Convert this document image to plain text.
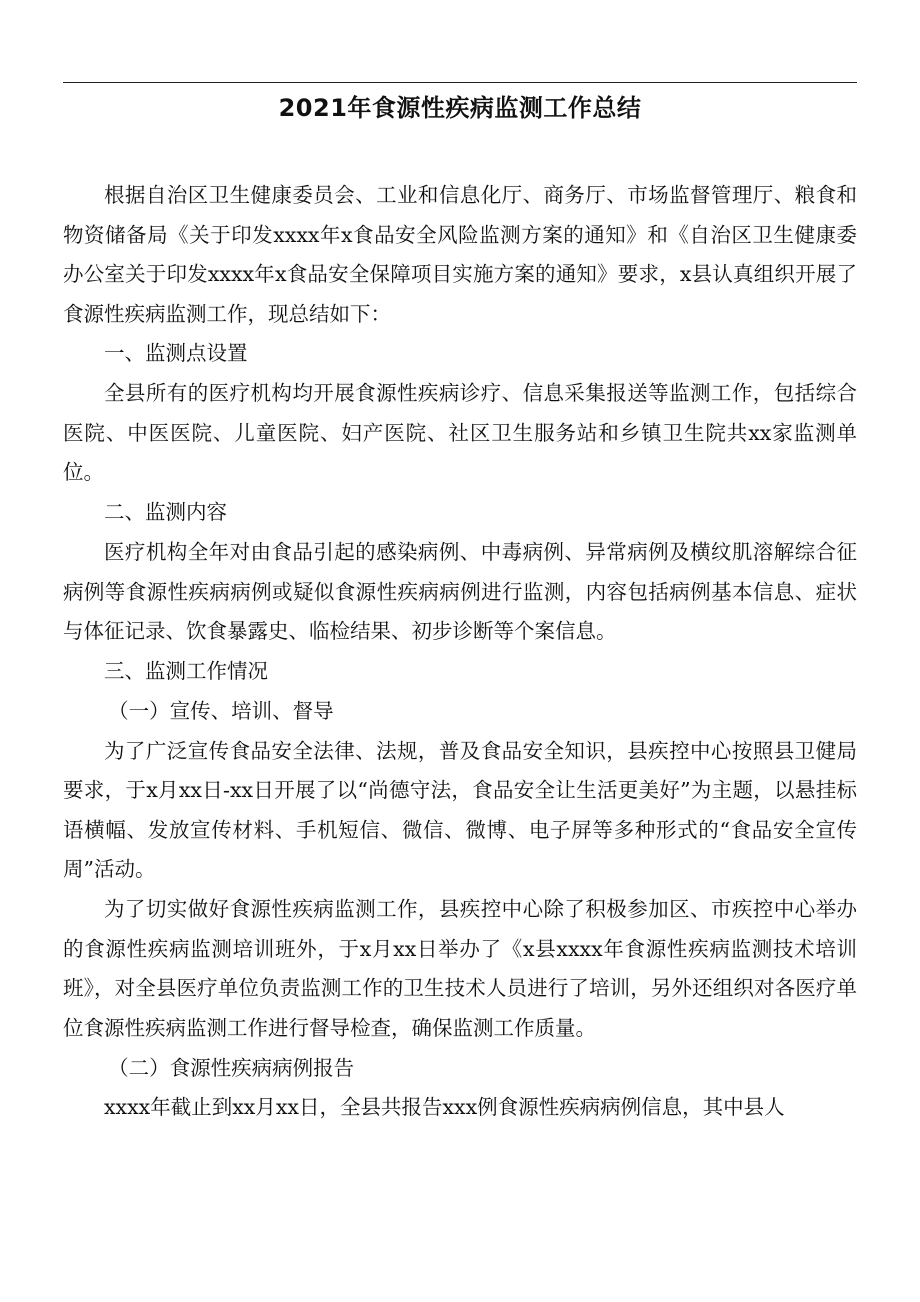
2021年食源性疾病监测工作总结

根据自治区卫生健康委员会、工业和信息化厅、商务厅、市场监督管理厅、粮食和物资储备局《关于印发xxxx年x食品安全风险监测方案的通知》和《自治区卫生健康委办公室关于印发xxxx年x食品安全保障项目实施方案的通知》要求，x县认真组织开展了食源性疾病监测工作，现总结如下：

一、监测点设置

全县所有的医疗机构均开展食源性疾病诊疗、信息采集报送等监测工作，包括综合医院、中医医院、儿童医院、妇产医院、社区卫生服务站和乡镇卫生院共xx家监测单位。

二、监测内容

医疗机构全年对由食品引起的感染病例、中毒病例、异常病例及横纹肌溶解综合征病例等食源性疾病病例或疑似食源性疾病病例进行监测，内容包括病例基本信息、症状与体征记录、饮食暴露史、临检结果、初步诊断等个案信息。

三、监测工作情况

（一）宣传、培训、督导

为了广泛宣传食品安全法律、法规，普及食品安全知识，县疾控中心按照县卫健局要求，于x月xx日-xx日开展了以“尚德守法，食品安全让生活更美好”为主题，以悬挂标语横幅、发放宣传材料、手机短信、微信、微博、电子屏等多种形式的“食品安全宣传周”活动。

为了切实做好食源性疾病监测工作，县疾控中心除了积极参加区、市疾控中心举办的食源性疾病监测培训班外，于x月xx日举办了《x县xxxx年食源性疾病监测技术培训班》，对全县医疗单位负责监测工作的卫生技术人员进行了培训，另外还组织对各医疗单位食源性疾病监测工作进行督导检查，确保监测工作质量。

（二）食源性疾病病例报告

xxxx年截止到xx月xx日，全县共报告xxx例食源性疾病病例信息，其中县人
